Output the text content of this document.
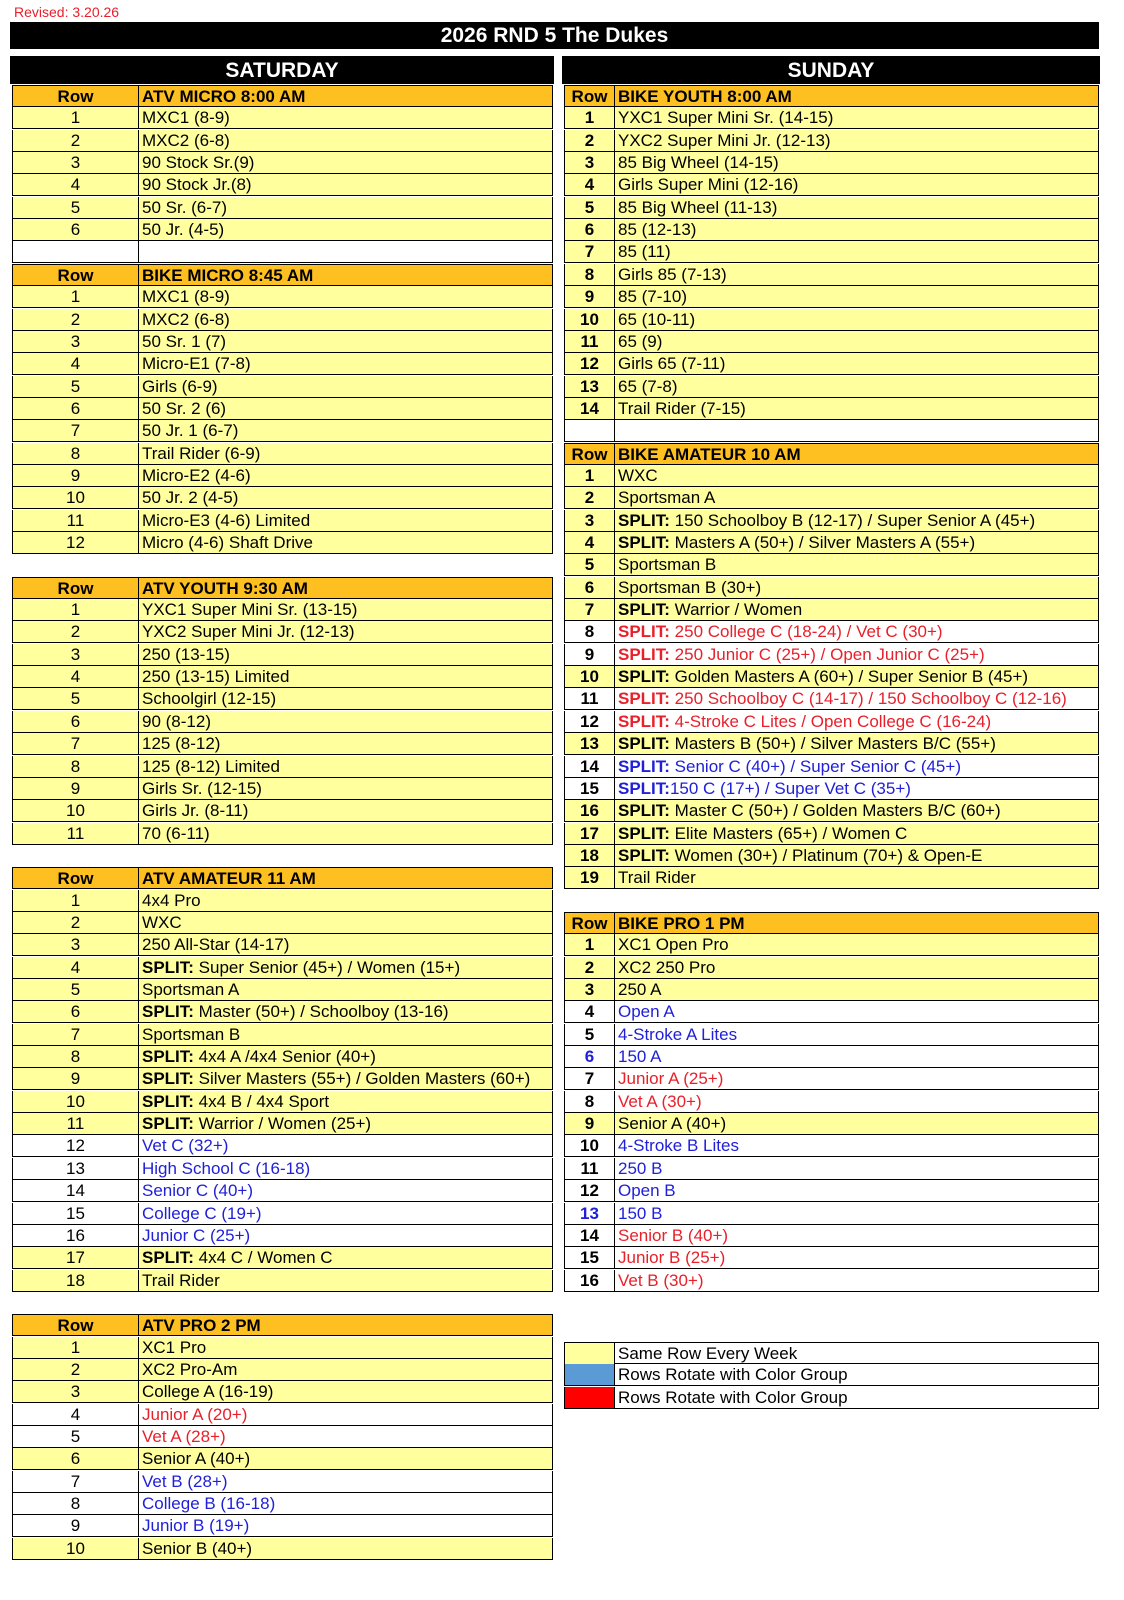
Revised: 3.20.26
2026 RND 5 The Dukes
SATURDAY	SUNDAY
Row	ATV MICRO 8:00 AM
1	MXC1 (8-9)
2	MXC2 (6-8)
3	90 Stock Sr.(9)
4	90 Stock Jr.(8)
5	50 Sr. (6-7)
6	50 Jr. (4-5)
Row	BIKE MICRO 8:45 AM
1	MXC1 (8-9)
2	MXC2 (6-8)
3	50 Sr. 1 (7)
4	Micro-E1 (7-8)
5	Girls (6-9)
6	50 Sr. 2 (6)
7	50 Jr. 1 (6-7)
8	Trail Rider (6-9)
9	Micro-E2 (4-6)
10	50 Jr. 2 (4-5)
11	Micro-E3 (4-6) Limited
12	Micro (4-6) Shaft Drive
Row	ATV YOUTH 9:30 AM
1	YXC1 Super Mini Sr. (13-15)
2	YXC2 Super Mini Jr. (12-13)
3	250 (13-15)
4	250 (13-15) Limited
5	Schoolgirl (12-15)
6	90 (8-12)
7	125 (8-12)
8	125 (8-12) Limited
9	Girls Sr. (12-15)
10	Girls Jr. (8-11)
11	70 (6-11)
Row	ATV AMATEUR 11 AM
1	4x4 Pro
2	WXC
3	250 All-Star (14-17)
4	SPLIT: Super Senior (45+) / Women (15+)
5	Sportsman A
6	SPLIT: Master (50+) / Schoolboy (13-16)
7	Sportsman B
8	SPLIT: 4x4 A /4x4 Senior (40+)
9	SPLIT: Silver Masters (55+) / Golden Masters (60+)
10	SPLIT: 4x4 B / 4x4 Sport
11	SPLIT: Warrior / Women (25+)
12	Vet C (32+)
13	High School C (16-18)
14	Senior C (40+)
15	College C (19+)
16	Junior C (25+)
17	SPLIT: 4x4 C / Women C
18	Trail Rider
Row	ATV PRO 2 PM
1	XC1 Pro
2	XC2 Pro-Am
3	College A (16-19)
4	Junior A (20+)
5	Vet A (28+)
6	Senior A (40+)
7	Vet B (28+)
8	College B (16-18)
9	Junior B (19+)
10	Senior B (40+)
Row BIKE YOUTH 8:00 AM
1	YXC1 Super Mini Sr. (14-15)
2	YXC2 Super Mini Jr. (12-13)
3	85 Big Wheel (14-15)
4	Girls Super Mini (12-16)
5	85 Big Wheel (11-13)
6	85 (12-13)
7	85 (11)
8	Girls 85 (7-13)
9	85 (7-10)
10	65 (10-11)
11	65 (9)
12	Girls 65 (7-11)
13	65 (7-8)
14	Trail Rider (7-15)
Row BIKE AMATEUR 10 AM
1	WXC
2	Sportsman A
3	SPLIT: 150 Schoolboy B (12-17) / Super Senior A (45+)
4	SPLIT: Masters A (50+) / Silver Masters A (55+)
5	Sportsman B
6	Sportsman B (30+)
7	SPLIT: Warrior / Women
8	SPLIT: 250 College C (18-24) / Vet C (30+)
9	SPLIT: 250 Junior C (25+) / Open Junior C (25+)
10	SPLIT: Golden Masters A (60+) / Super Senior B (45+)
11	SPLIT: 250 Schoolboy C (14-17) / 150 Schoolboy C (12-16)
12	SPLIT: 4-Stroke C Lites / Open College C (16-24)
13	SPLIT: Masters B (50+) / Silver Masters B/C (55+)
14	SPLIT: Senior C (40+) / Super Senior C (45+)
15	SPLIT:150 C (17+) / Super Vet C (35+)
16	SPLIT: Master C (50+) / Golden Masters B/C (60+)
17	SPLIT: Elite Masters (65+) / Women C
18	SPLIT: Women (30+) / Platinum (70+) & Open-E
19	Trail Rider
Row BIKE PRO 1 PM
1	XC1 Open Pro
2	XC2 250 Pro
3	250 A
4	Open A
5	4-Stroke A Lites
6	150 A
7	Junior A (25+)
8	Vet A (30+)
9	Senior A (40+)
10	4-Stroke B Lites
11	250 B
12	Open B
13	150 B
14	Senior B (40+)
15	Junior B (25+)
16	Vet B (30+)
Same Row Every Week
Rows Rotate with Color Group
Rows Rotate with Color Group
